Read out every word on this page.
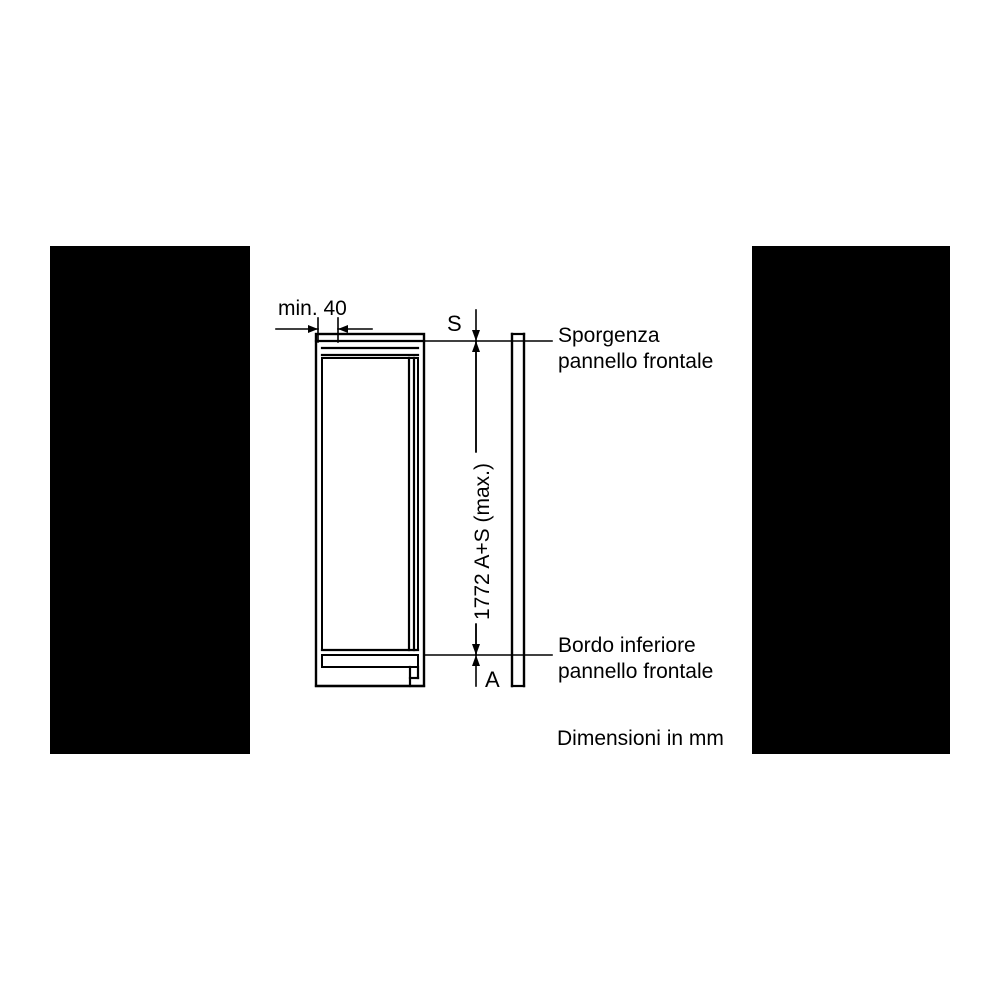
min. 40
S
A
1772 A+S (max.)
Sporgenza
pannello frontale
Bordo inferiore
pannello frontale
Dimensioni in mm
